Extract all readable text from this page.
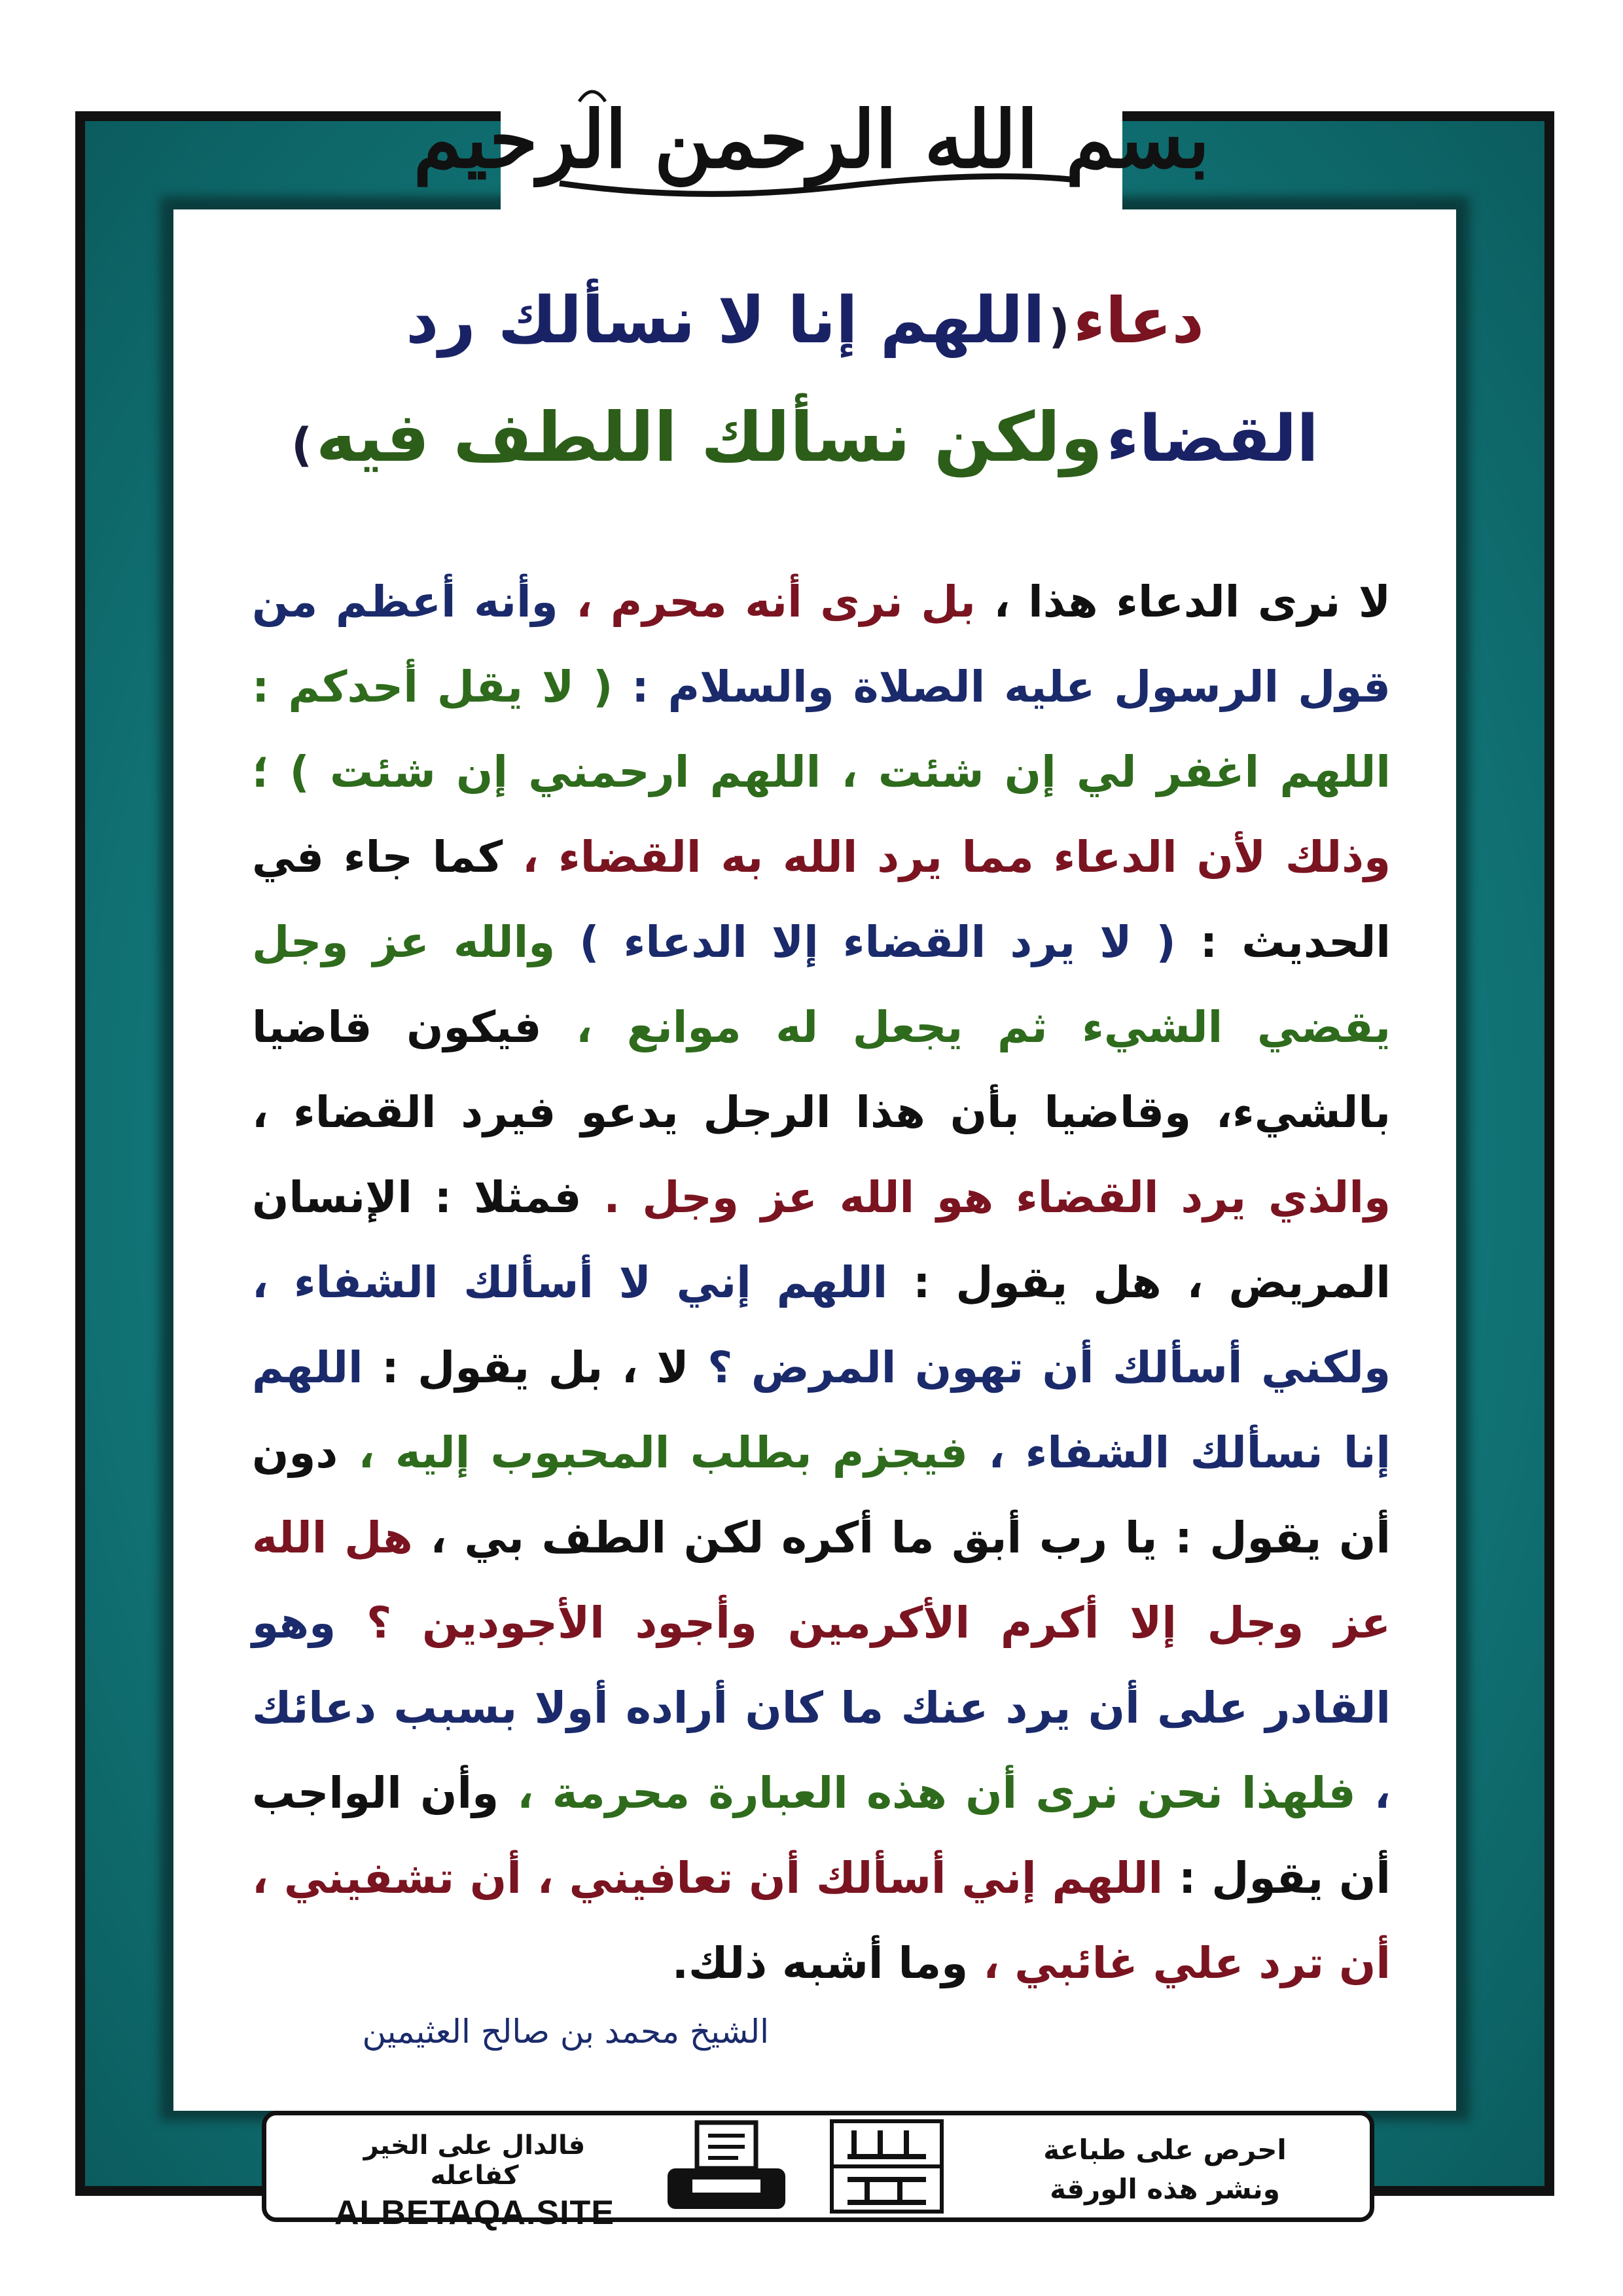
بسم الله الرحمن الرحيم
دعاء ( اللهم إنا لا نسألك رد
القضاء ولكن نسألك اللطف فيه )
لا نرى الدعاء هذا ، بل نرى أنه محرم ، وأنه أعظم من قول الرسول عليه الصلاة والسلام : ( لا يقل أحدكم : اللهم اغفر لي إن شئت ، اللهم ارحمني إن شئت ) ؛ وذلك لأن الدعاء مما يرد الله به القضاء ، كما جاء في الحديث : ( لا يرد القضاء إلا الدعاء ) والله عز وجل يقضي الشيء ثم يجعل له موانع ، فيكون قاضيا بالشيء، وقاضيا بأن هذا الرجل يدعو فيرد القضاء ، والذي يرد القضاء هو الله عز وجل . فمثلا : الإنسان المريض ، هل يقول : اللهم إني لا أسألك الشفاء ، ولكني أسألك أن تهون المرض ؟ لا ، بل يقول : اللهم إنا نسألك الشفاء ، فيجزم بطلب المحبوب إليه ، دون أن يقول : يا رب أبق ما أكره لكن الطف بي ، هل الله عز وجل إلا أكرم الأكرمين وأجود الأجودين ؟ وهو القادر على أن يرد عنك ما كان أراده أولا بسبب دعائك ، فلهذا نحن نرى أن هذه العبارة محرمة ، وأن الواجب أن يقول : اللهم إني أسألك أن تعافيني ، أن تشفيني ، أن ترد علي غائبي ، وما أشبه ذلك.
الشيخ محمد بن صالح العثيمين
فالدال على الخير كفاعله
ALBETAQA.SITE
احرص على طباعة
ونشر هذه الورقة
